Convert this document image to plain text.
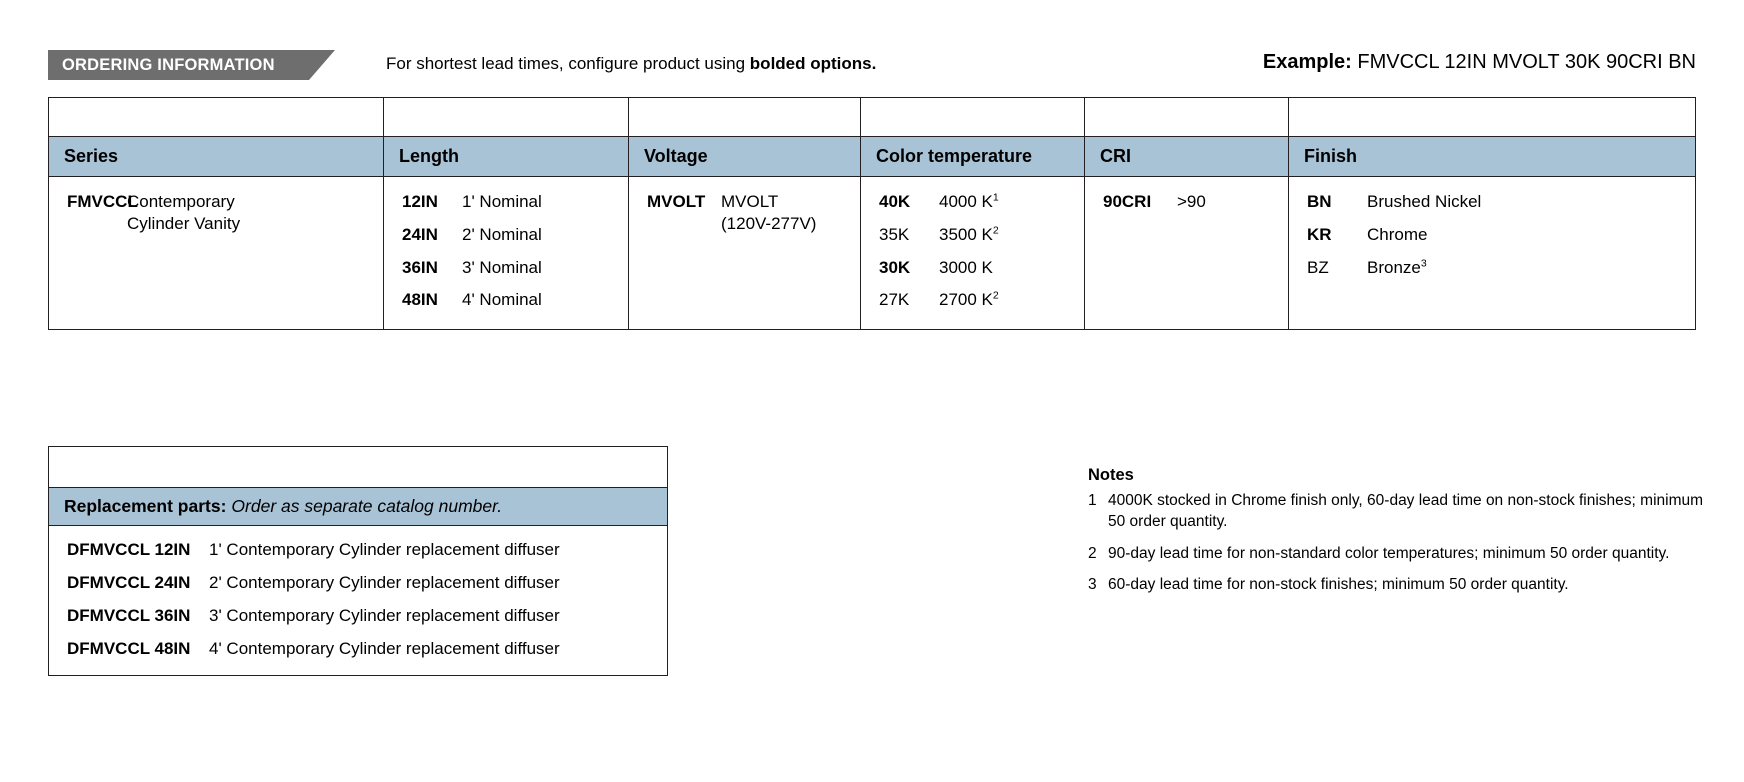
ORDERING INFORMATION	For shortest lead times, configure product using bolded options.	Example: FMVCCL 12IN MVOLT 30K 90CRI BN
Series
FMVCCL
Contemporary
Cylinder Vanity
Length
12IN	1' Nominal
24IN	2' Nominal
36IN	3' Nominal
48IN	4' Nominal
Voltage
MVOLT MVOLT
(120V-277V)
Color temperature
40K	4000 $K^1$
35K	3500 $K^2$
30K	3000 K
27K	2700 $K^2$
CRI
90CRI	>90
Finish
BN	Brushed Nickel
KR	Chrome
BZ	Bronze$^3$
Replacement parts: Order as separate catalog number.
DFMVCCL 12IN	1' Contemporary Cylinder replacement diffuser
DFMVCCL 24IN	2' Contemporary Cylinder replacement diffuser
DFMVCCL 36IN	3' Contemporary Cylinder replacement diffuser
DFMVCCL 48IN	4' Contemporary Cylinder replacement diffuser
Notes
1 4000K stocked in Chrome finish only, 60-day lead time on non-stock finishes; minimum 50 order quantity.
2 90-day lead time for non-standard color temperatures; minimum 50 order quantity.
3 60-day lead time for non-stock finishes; minimum 50 order quantity.
